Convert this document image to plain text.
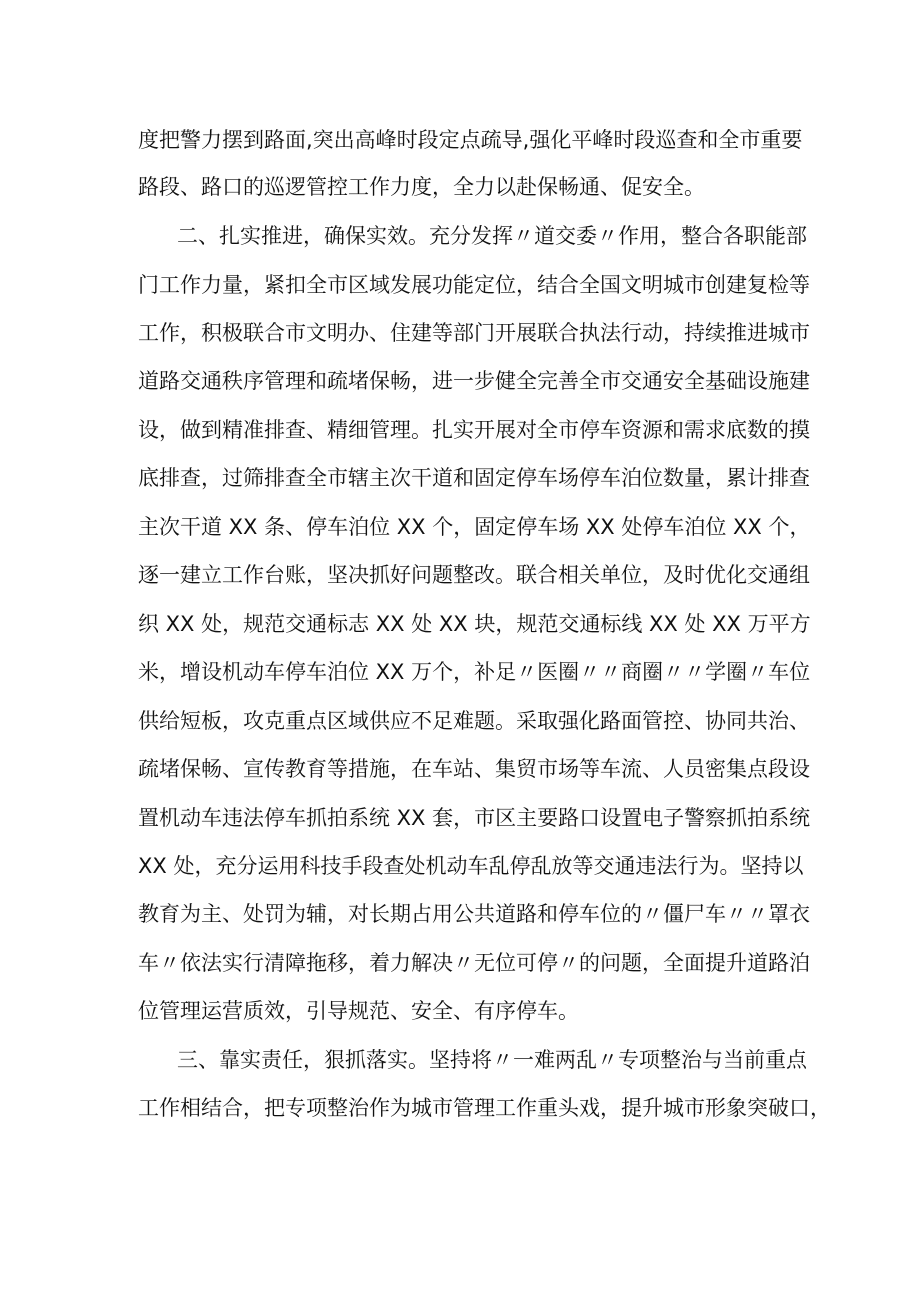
度把警力摆到路面,突出高峰时段定点疏导,强化平峰时段巡查和全市重要
路段、路口的巡逻管控工作力度，全力以赴保畅通、促安全。
二、扎实推进，确保实效。充分发挥〃道交委〃作用，整合各职能部
门工作力量，紧扣全市区域发展功能定位，结合全国文明城市创建复检等
工作，积极联合市文明办、住建等部门开展联合执法行动，持续推进城市
道路交通秩序管理和疏堵保畅，进一步健全完善全市交通安全基础设施建
设，做到精准排查、精细管理。扎实开展对全市停车资源和需求底数的摸
底排查，过筛排查全市辖主次干道和固定停车场停车泊位数量，累计排查
主次干道 XX 条、停车泊位 XX 个，固定停车场 XX 处停车泊位 XX 个，
逐一建立工作台账，坚决抓好问题整改。联合相关单位，及时优化交通组
织 XX 处，规范交通标志 XX 处 XX 块，规范交通标线 XX 处 XX 万平方
米，增设机动车停车泊位 XX 万个，补足〃医圈〃〃商圈〃〃学圈〃车位
供给短板，攻克重点区域供应不足难题。采取强化路面管控、协同共治、
疏堵保畅、宣传教育等措施，在车站、集贸市场等车流、人员密集点段设
置机动车违法停车抓拍系统 XX 套，市区主要路口设置电子警察抓拍系统
XX 处，充分运用科技手段查处机动车乱停乱放等交通违法行为。坚持以
教育为主、处罚为辅，对长期占用公共道路和停车位的〃僵尸车〃〃罩衣
车〃依法实行清障拖移，着力解决〃无位可停〃的问题，全面提升道路泊
位管理运营质效，引导规范、安全、有序停车。
三、靠实责任，狠抓落实。坚持将〃一难两乱〃专项整治与当前重点
工作相结合，把专项整治作为城市管理工作重头戏，提升城市形象突破口，
